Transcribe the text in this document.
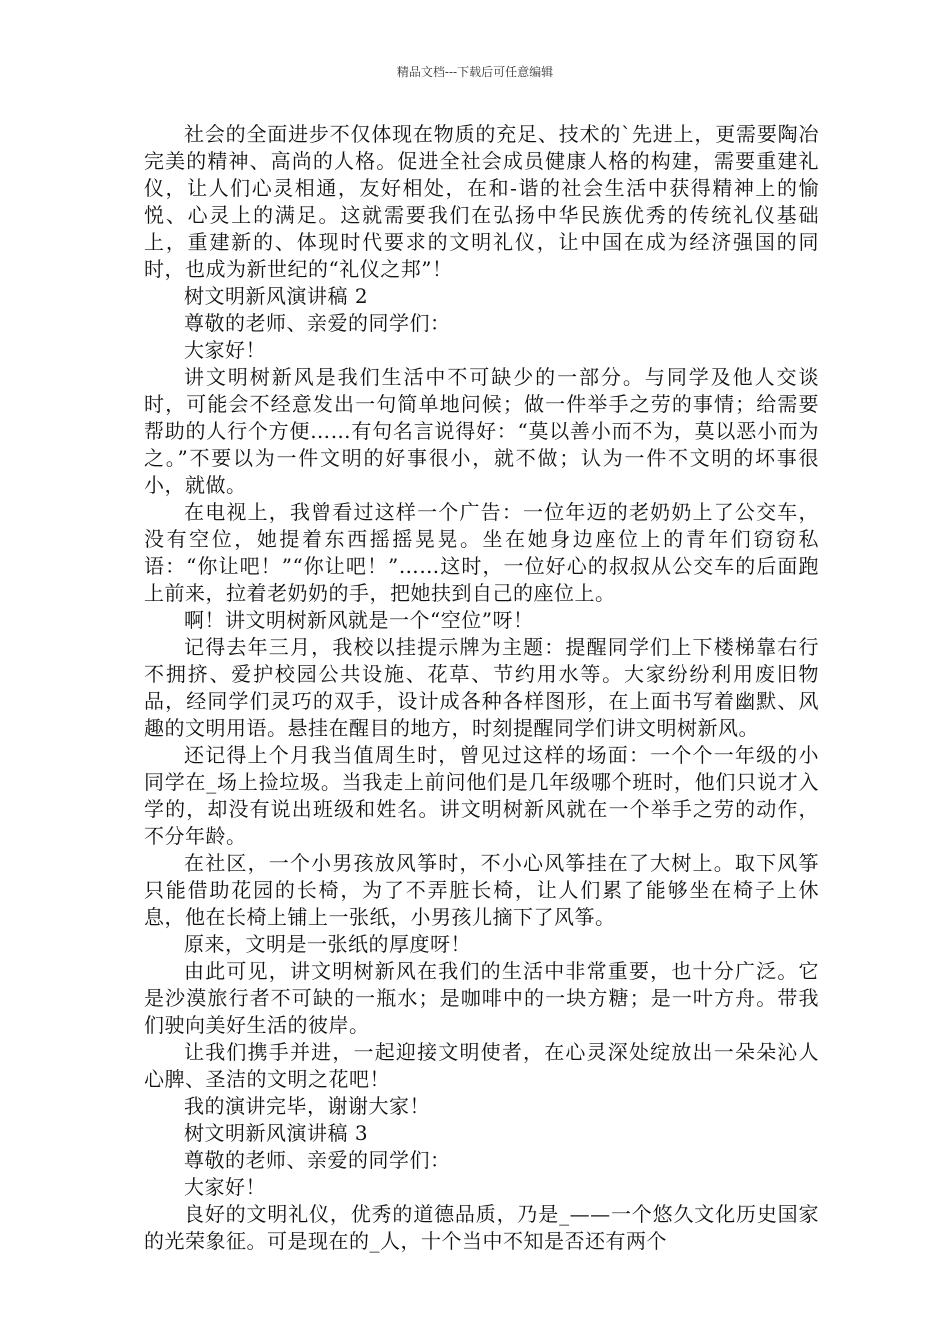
精品文档---下载后可任意编辑

社会的全面进步不仅体现在物质的充足、技术的`先进上，更需要陶冶完美的精神、高尚的人格。促进全社会成员健康人格的构建，需要重建礼仪，让人们心灵相通，友好相处，在和-谐的社会生活中获得精神上的愉悦、心灵上的满足。这就需要我们在弘扬中华民族优秀的传统礼仪基础上，重建新的、体现时代要求的文明礼仪，让中国在成为经济强国的同时，也成为新世纪的“礼仪之邦”！

树文明新风演讲稿 2

尊敬的老师、亲爱的同学们：

大家好！

讲文明树新风是我们生活中不可缺少的一部分。与同学及他人交谈时，可能会不经意发出一句简单地问候；做一件举手之劳的事情；给需要帮助的人行个方便……有句名言说得好：“莫以善小而不为，莫以恶小而为之。”不要以为一件文明的好事很小，就不做；认为一件不文明的坏事很小，就做。

在电视上，我曾看过这样一个广告：一位年迈的老奶奶上了公交车，没有空位，她提着东西摇摇晃晃。坐在她身边座位上的青年们窃窃私语：“你让吧！”“你让吧！”……这时，一位好心的叔叔从公交车的后面跑上前来，拉着老奶奶的手，把她扶到自己的座位上。

啊！讲文明树新风就是一个“空位”呀！

记得去年三月，我校以挂提示牌为主题：提醒同学们上下楼梯靠右行不拥挤、爱护校园公共设施、花草、节约用水等。大家纷纷利用废旧物品，经同学们灵巧的双手，设计成各种各样图形，在上面书写着幽默、风趣的文明用语。悬挂在醒目的地方，时刻提醒同学们讲文明树新风。

还记得上个月我当值周生时，曾见过这样的场面：一个个一年级的小同学在_场上捡垃圾。当我走上前问他们是几年级哪个班时，他们只说才入学的，却没有说出班级和姓名。讲文明树新风就在一个举手之劳的动作，不分年龄。

在社区，一个小男孩放风筝时，不小心风筝挂在了大树上。取下风筝只能借助花园的长椅，为了不弄脏长椅，让人们累了能够坐在椅子上休息，他在长椅上铺上一张纸，小男孩儿摘下了风筝。

原来，文明是一张纸的厚度呀！

由此可见，讲文明树新风在我们的生活中非常重要，也十分广泛。它是沙漠旅行者不可缺的一瓶水；是咖啡中的一块方糖；是一叶方舟。带我们驶向美好生活的彼岸。

让我们携手并进，一起迎接文明使者，在心灵深处绽放出一朵朵沁人心脾、圣洁的文明之花吧！

我的演讲完毕，谢谢大家！

树文明新风演讲稿 3

尊敬的老师、亲爱的同学们：

大家好！

良好的文明礼仪，优秀的道德品质，乃是_——一个悠久文化历史国家的光荣象征。可是现在的_人，十个当中不知是否还有两个
